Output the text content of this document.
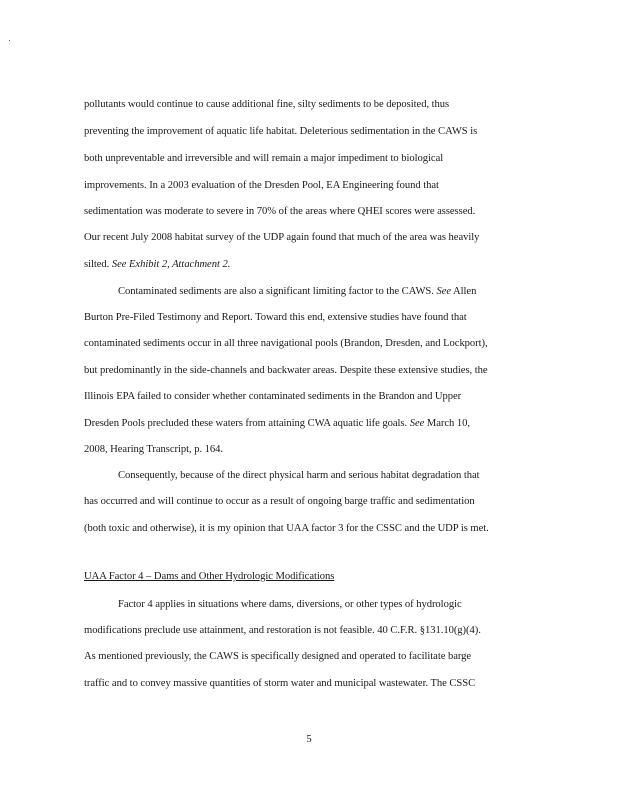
pollutants would continue to cause additional fine, silty sediments to be deposited, thus
preventing the improvement of aquatic life habitat. Deleterious sedimentation in the CAWS is
both unpreventable and irreversible and will remain a major impediment to biological
improvements. In a 2003 evaluation of the Dresden Pool, EA Engineering found that
sedimentation was moderate to severe in 70% of the areas where QHEI scores were assessed.
Our recent July 2008 habitat survey of the UDP again found that much of the area was heavily
silted. See Exhibit 2, Attachment 2.
Contaminated sediments are also a significant limiting factor to the CAWS. See Allen
Burton Pre-Filed Testimony and Report. Toward this end, extensive studies have found that
contaminated sediments occur in all three navigational pools (Brandon, Dresden, and Lockport),
but predominantly in the side-channels and backwater areas. Despite these extensive studies, the
Illinois EPA failed to consider whether contaminated sediments in the Brandon and Upper
Dresden Pools precluded these waters from attaining CWA aquatic life goals. See March 10,
2008, Hearing Transcript, p. 164.
Consequently, because of the direct physical harm and serious habitat degradation that
has occurred and will continue to occur as a result of ongoing barge traffic and sedimentation
(both toxic and otherwise), it is my opinion that UAA factor 3 for the CSSC and the UDP is met.
UAA Factor 4 – Dams and Other Hydrologic Modifications
Factor 4 applies in situations where dams, diversions, or other types of hydrologic
modifications preclude use attainment, and restoration is not feasible. 40 C.F.R. §131.10(g)(4).
As mentioned previously, the CAWS is specifically designed and operated to facilitate barge
traffic and to convey massive quantities of storm water and municipal wastewater. The CSSC
5
